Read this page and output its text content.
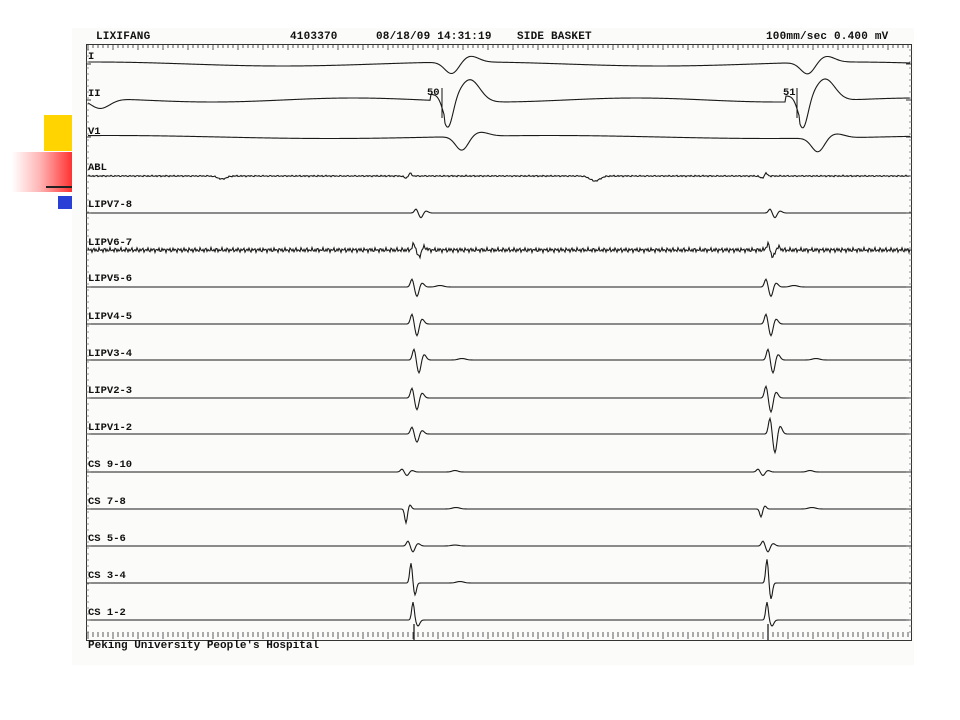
LIXIFANG	4103370	08/18/09 14:31:19 SIDE BASKET	100mm/sec 0.400 mV
I
II
V1
ABL
LIPV7-8
LIPV6-7
LIPV5-6
LIPV4-5
LIPV3-4
LIPV2-3
LIPV1-2
CS 9-10
CS 7-8
CS 5-6
CS 3-4
CS 1-2
50	51
Peking University People's Hospital
